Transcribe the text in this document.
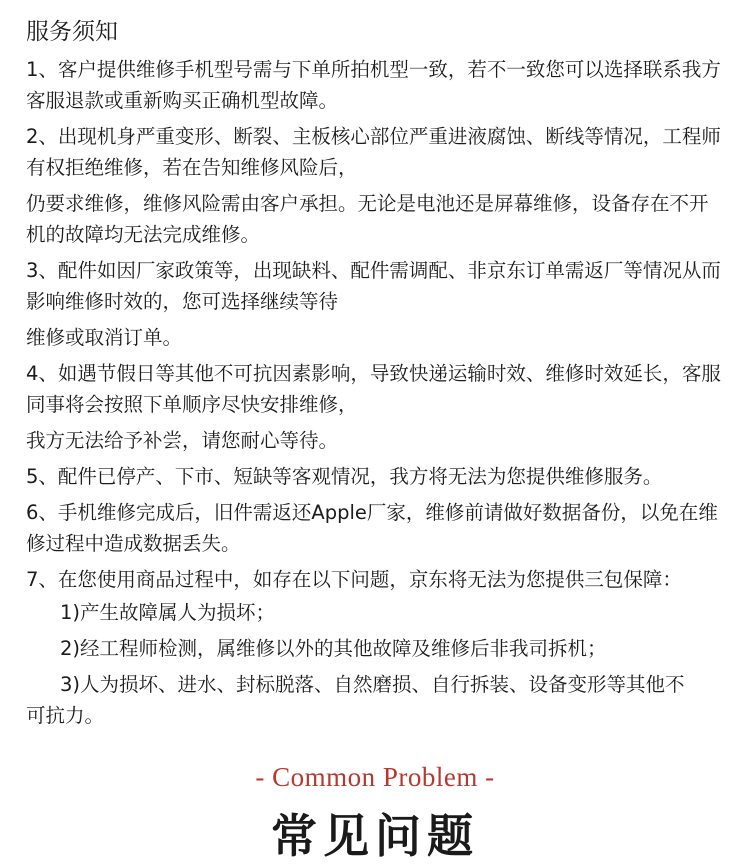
服务须知

1、客户提供维修手机型号需与下单所拍机型一致，若不一致您可以选择联系我方客服退款或重新购买正确机型故障。

2、出现机身严重变形、断裂、主板核心部位严重进液腐蚀、断线等情况，工程师有权拒绝维修，若在告知维修风险后，

仍要求维修，维修风险需由客户承担。无论是电池还是屏幕维修，设备存在不开机的故障均无法完成维修。

3、配件如因厂家政策等，出现缺料、配件需调配、非京东订单需返厂等情况从而影响维修时效的，您可选择继续等待

维修或取消订单。

4、如遇节假日等其他不可抗因素影响，导致快递运输时效、维修时效延长，客服同事将会按照下单顺序尽快安排维修，

我方无法给予补尝，请您耐心等待。

5、配件已停产、下市、短缺等客观情况，我方将无法为您提供维修服务。

6、手机维修完成后，旧件需返还Apple厂家，维修前请做好数据备份，以免在维修过程中造成数据丢失。

7、在您使用商品过程中，如存在以下问题，京东将无法为您提供三包保障：

1)产生故障属人为损坏；

2)经工程师检测，属维修以外的其他故障及维修后非我司拆机；

3)人为损坏、进水、封标脱落、自然磨损、自行拆装、设备变形等其他不

可抗力。

- Common Problem -
常见问题
